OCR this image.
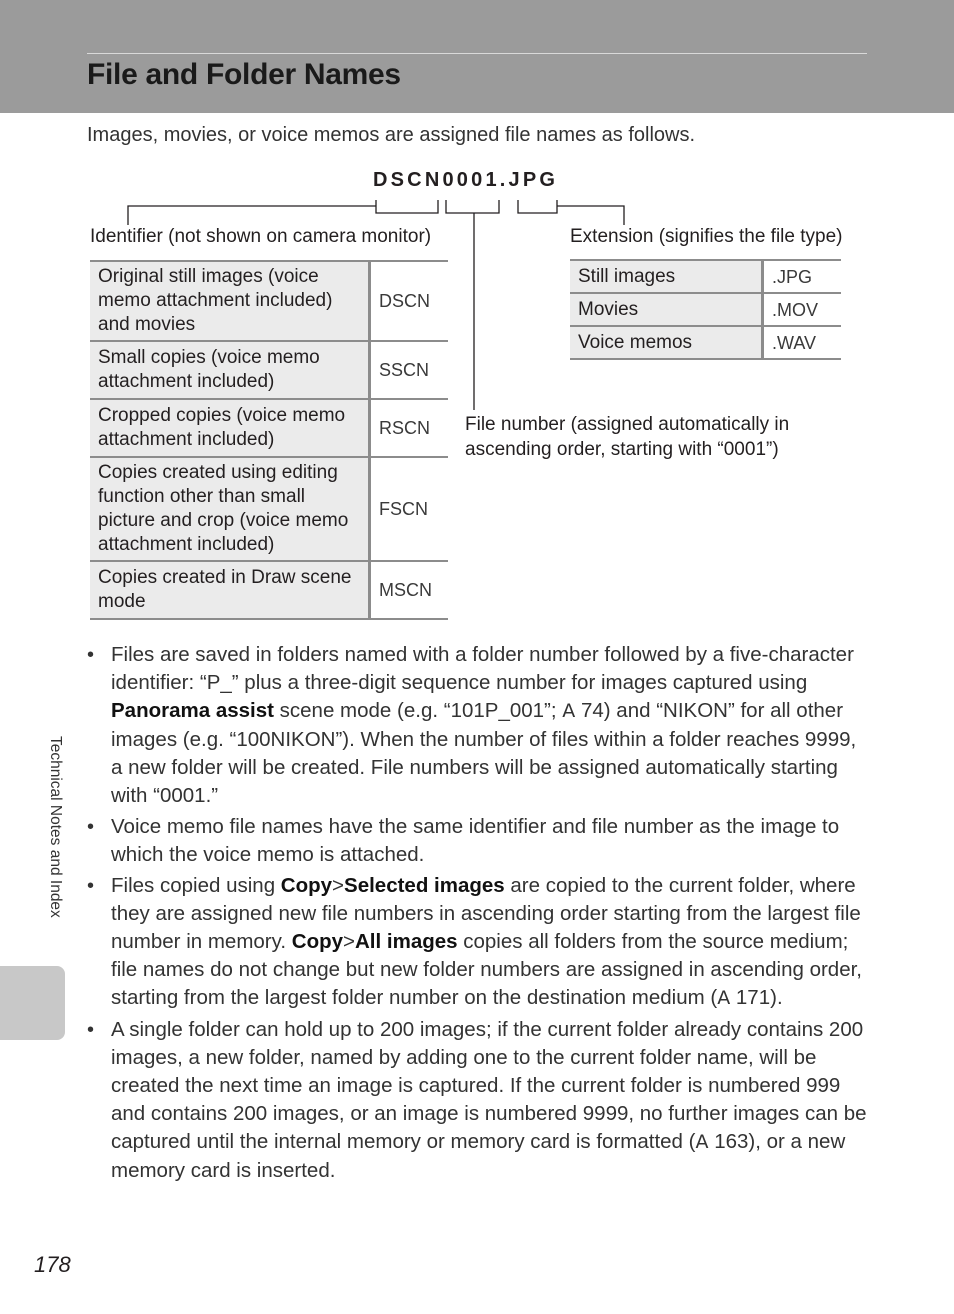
File and Folder Names
Images, movies, or voice memos are assigned file names as follows.
DSCN0001.JPG
Identifier (not shown on camera monitor)	Extension (signifies the file type)
File number (assigned automatically in ascending order, starting with “0001”)
Original still images (voice memo attachment included) and movies	DSCN
Small copies (voice memo attachment included)	SSCN
Cropped copies (voice memo attachment included)	RSCN
Copies created using editing function other than small picture and crop (voice memo attachment included)	FSCN
Copies created in Draw scene mode	MSCN
Still images	.JPG
Movies	.MOV
Voice memos	.WAV
• Files are saved in folders named with a folder number followed by a five-character identifier: “P_” plus a three-digit sequence number for images captured using Panorama assist scene mode (e.g. “101P_001”; 𝖠 74) and “NIKON” for all other images (e.g. “100NIKON”). When the number of files within a folder reaches 9999, a new folder will be created. File numbers will be assigned automatically starting with “0001.”
• Voice memo file names have the same identifier and file number as the image to which the voice memo is attached.
• Files copied using Copy>Selected images are copied to the current folder, where they are assigned new file numbers in ascending order starting from the largest file number in memory. Copy>All images copies all folders from the source medium; file names do not change but new folder numbers are assigned in ascending order, starting from the largest folder number on the destination medium (𝖠 171).
• A single folder can hold up to 200 images; if the current folder already contains 200 images, a new folder, named by adding one to the current folder name, will be created the next time an image is captured. If the current folder is numbered 999 and contains 200 images, or an image is numbered 9999, no further images can be captured until the internal memory or memory card is formatted (𝖠 163), or a new memory card is inserted.
Technical Notes and Index
178
